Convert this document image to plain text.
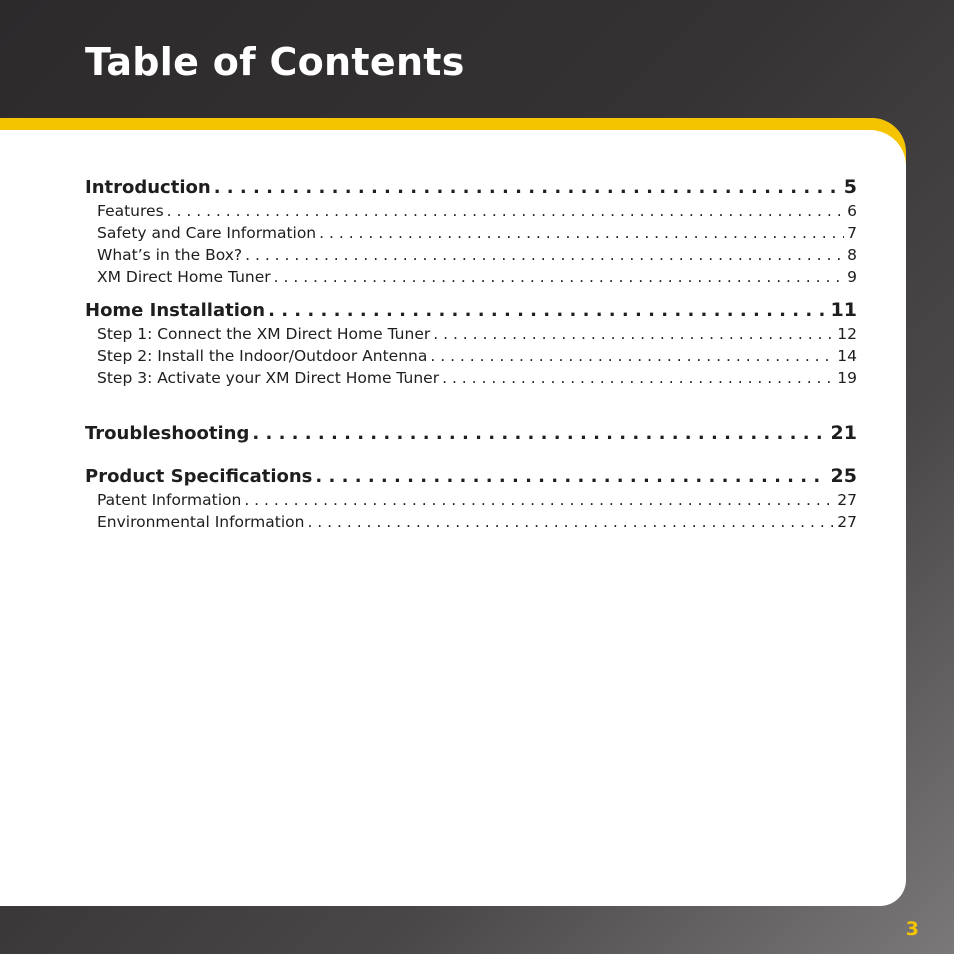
Table of Contents
Introduction . . .	5
Features . . .	6
Safety and Care Information . . .	7
What’s in the Box? . . .	8
XM Direct Home Tuner . . .	9
Home Installation . . .	11
Step 1: Connect the XM Direct Home Tuner . . .	12
Step 2: Install the Indoor/Outdoor Antenna . . .	14
Step 3: Activate your XM Direct Home Tuner . . .	19
Troubleshooting . . .	21
Product Specifications . . .	25
Patent Information . . .	27
Environmental Information . . .	27
3
